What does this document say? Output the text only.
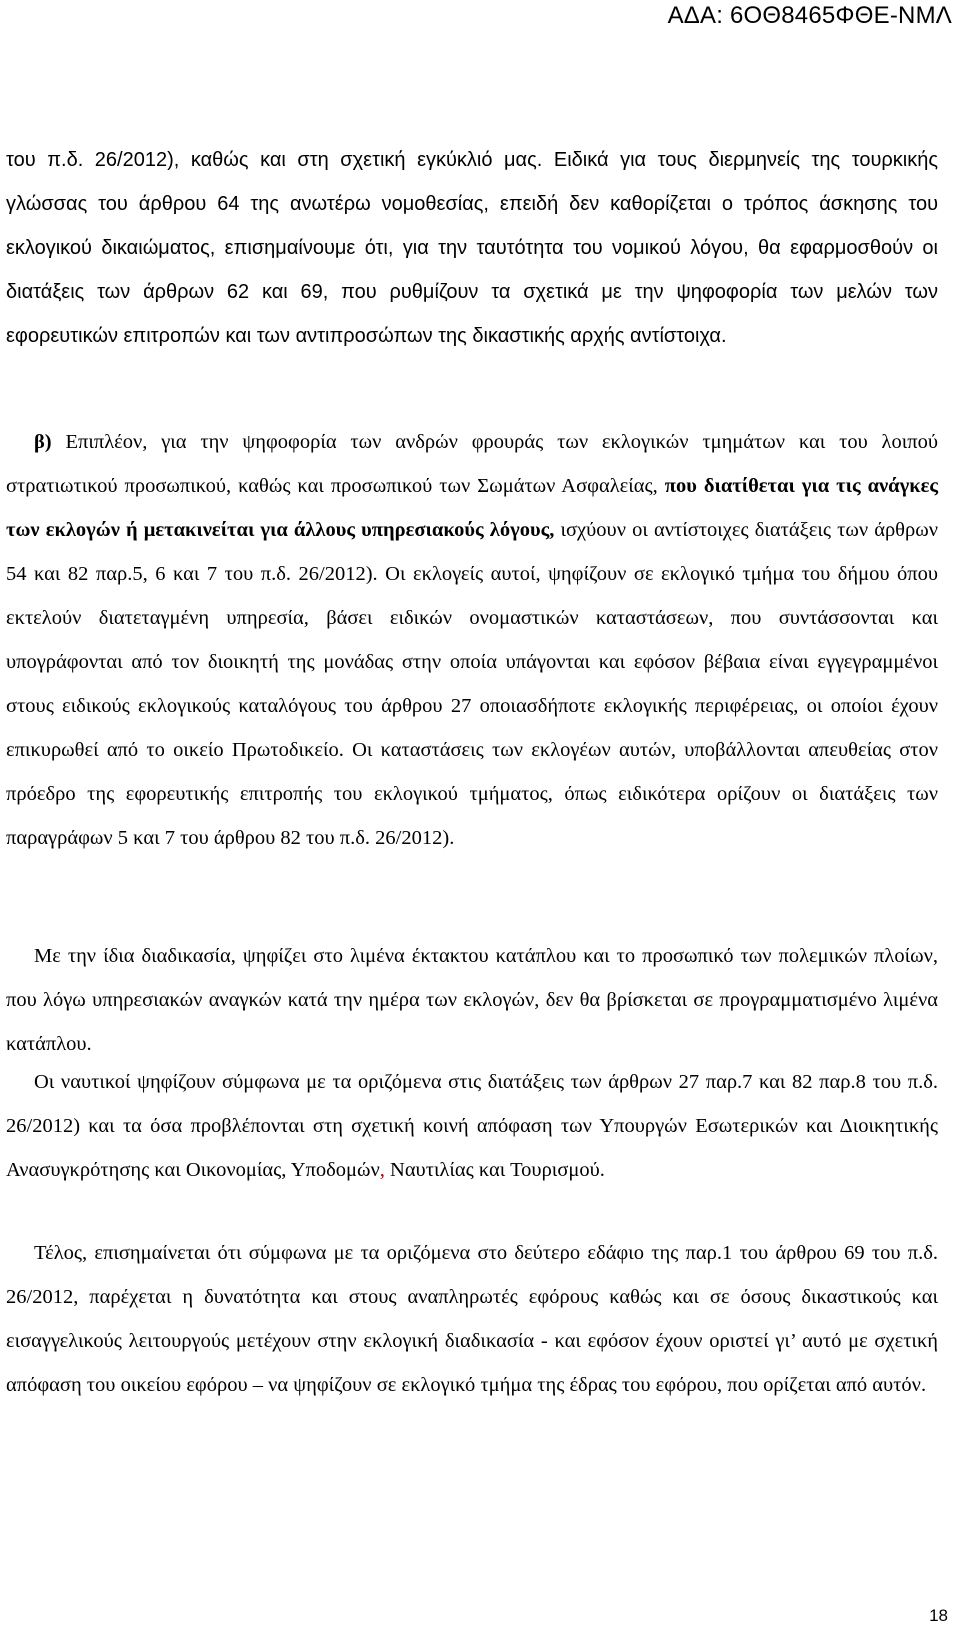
ΑΔΑ: 6ΟΘ8465ΦΘΕ-ΝΜΛ

του π.δ. 26/2012), καθώς και στη σχετική εγκύκλιό μας. Ειδικά για τους διερμηνείς της τουρκικής γλώσσας του άρθρου 64 της ανωτέρω νομοθεσίας, επειδή δεν καθορίζεται ο τρόπος άσκησης του εκλογικού δικαιώματος, επισημαίνουμε ότι, για την ταυτότητα του νομικού λόγου, θα εφαρμοσθούν οι διατάξεις των άρθρων 62 και 69, που ρυθμίζουν τα σχετικά με την ψηφοφορία των μελών των εφορευτικών επιτροπών και των αντιπροσώπων της δικαστικής αρχής αντίστοιχα.

β) Επιπλέον, για την ψηφοφορία των ανδρών φρουράς των εκλογικών τμημάτων και του λοιπού στρατιωτικού προσωπικού, καθώς και προσωπικού των Σωμάτων Ασφαλείας, που διατίθεται για τις ανάγκες των εκλογών ή μετακινείται για άλλους υπηρεσιακούς λόγους, ισχύουν οι αντίστοιχες διατάξεις των άρθρων 54 και 82 παρ.5, 6 και 7 του π.δ. 26/2012). Οι εκλογείς αυτοί, ψηφίζουν σε εκλογικό τμήμα του δήμου όπου εκτελούν διατεταγμένη υπηρεσία, βάσει ειδικών ονομαστικών καταστάσεων, που συντάσσονται και υπογράφονται από τον διοικητή της μονάδας στην οποία υπάγονται και εφόσον βέβαια είναι εγγεγραμμένοι στους ειδικούς εκλογικούς καταλόγους του άρθρου 27 οποιασδήποτε εκλογικής περιφέρειας, οι οποίοι έχουν επικυρωθεί από το οικείο Πρωτοδικείο. Οι καταστάσεις των εκλογέων αυτών, υποβάλλονται απευθείας στον πρόεδρο της εφορευτικής επιτροπής του εκλογικού τμήματος, όπως ειδικότερα ορίζουν οι διατάξεις των παραγράφων 5 και 7 του άρθρου 82 του π.δ. 26/2012).

Με την ίδια διαδικασία, ψηφίζει στο λιμένα έκτακτου κατάπλου και το προσωπικό των πολεμικών πλοίων, που λόγω υπηρεσιακών αναγκών κατά την ημέρα των εκλογών, δεν θα βρίσκεται σε προγραμματισμένο λιμένα κατάπλου.

Οι ναυτικοί ψηφίζουν σύμφωνα με τα οριζόμενα στις διατάξεις των άρθρων 27 παρ.7 και 82 παρ.8 του π.δ. 26/2012) και τα όσα προβλέπονται στη σχετική κοινή απόφαση των Υπουργών Εσωτερικών και Διοικητικής Ανασυγκρότησης και Οικονομίας, Υποδομών, Ναυτιλίας και Τουρισμού.

Τέλος, επισημαίνεται ότι σύμφωνα με τα οριζόμενα στο δεύτερο εδάφιο της παρ.1 του άρθρου 69 του π.δ. 26/2012, παρέχεται η δυνατότητα και στους αναπληρωτές εφόρους καθώς και σε όσους δικαστικούς και εισαγγελικούς λειτουργούς μετέχουν στην εκλογική διαδικασία - και εφόσον έχουν οριστεί γι’ αυτό με σχετική απόφαση του οικείου εφόρου – να ψηφίζουν σε εκλογικό τμήμα της έδρας του εφόρου, που ορίζεται από αυτόν.

18
